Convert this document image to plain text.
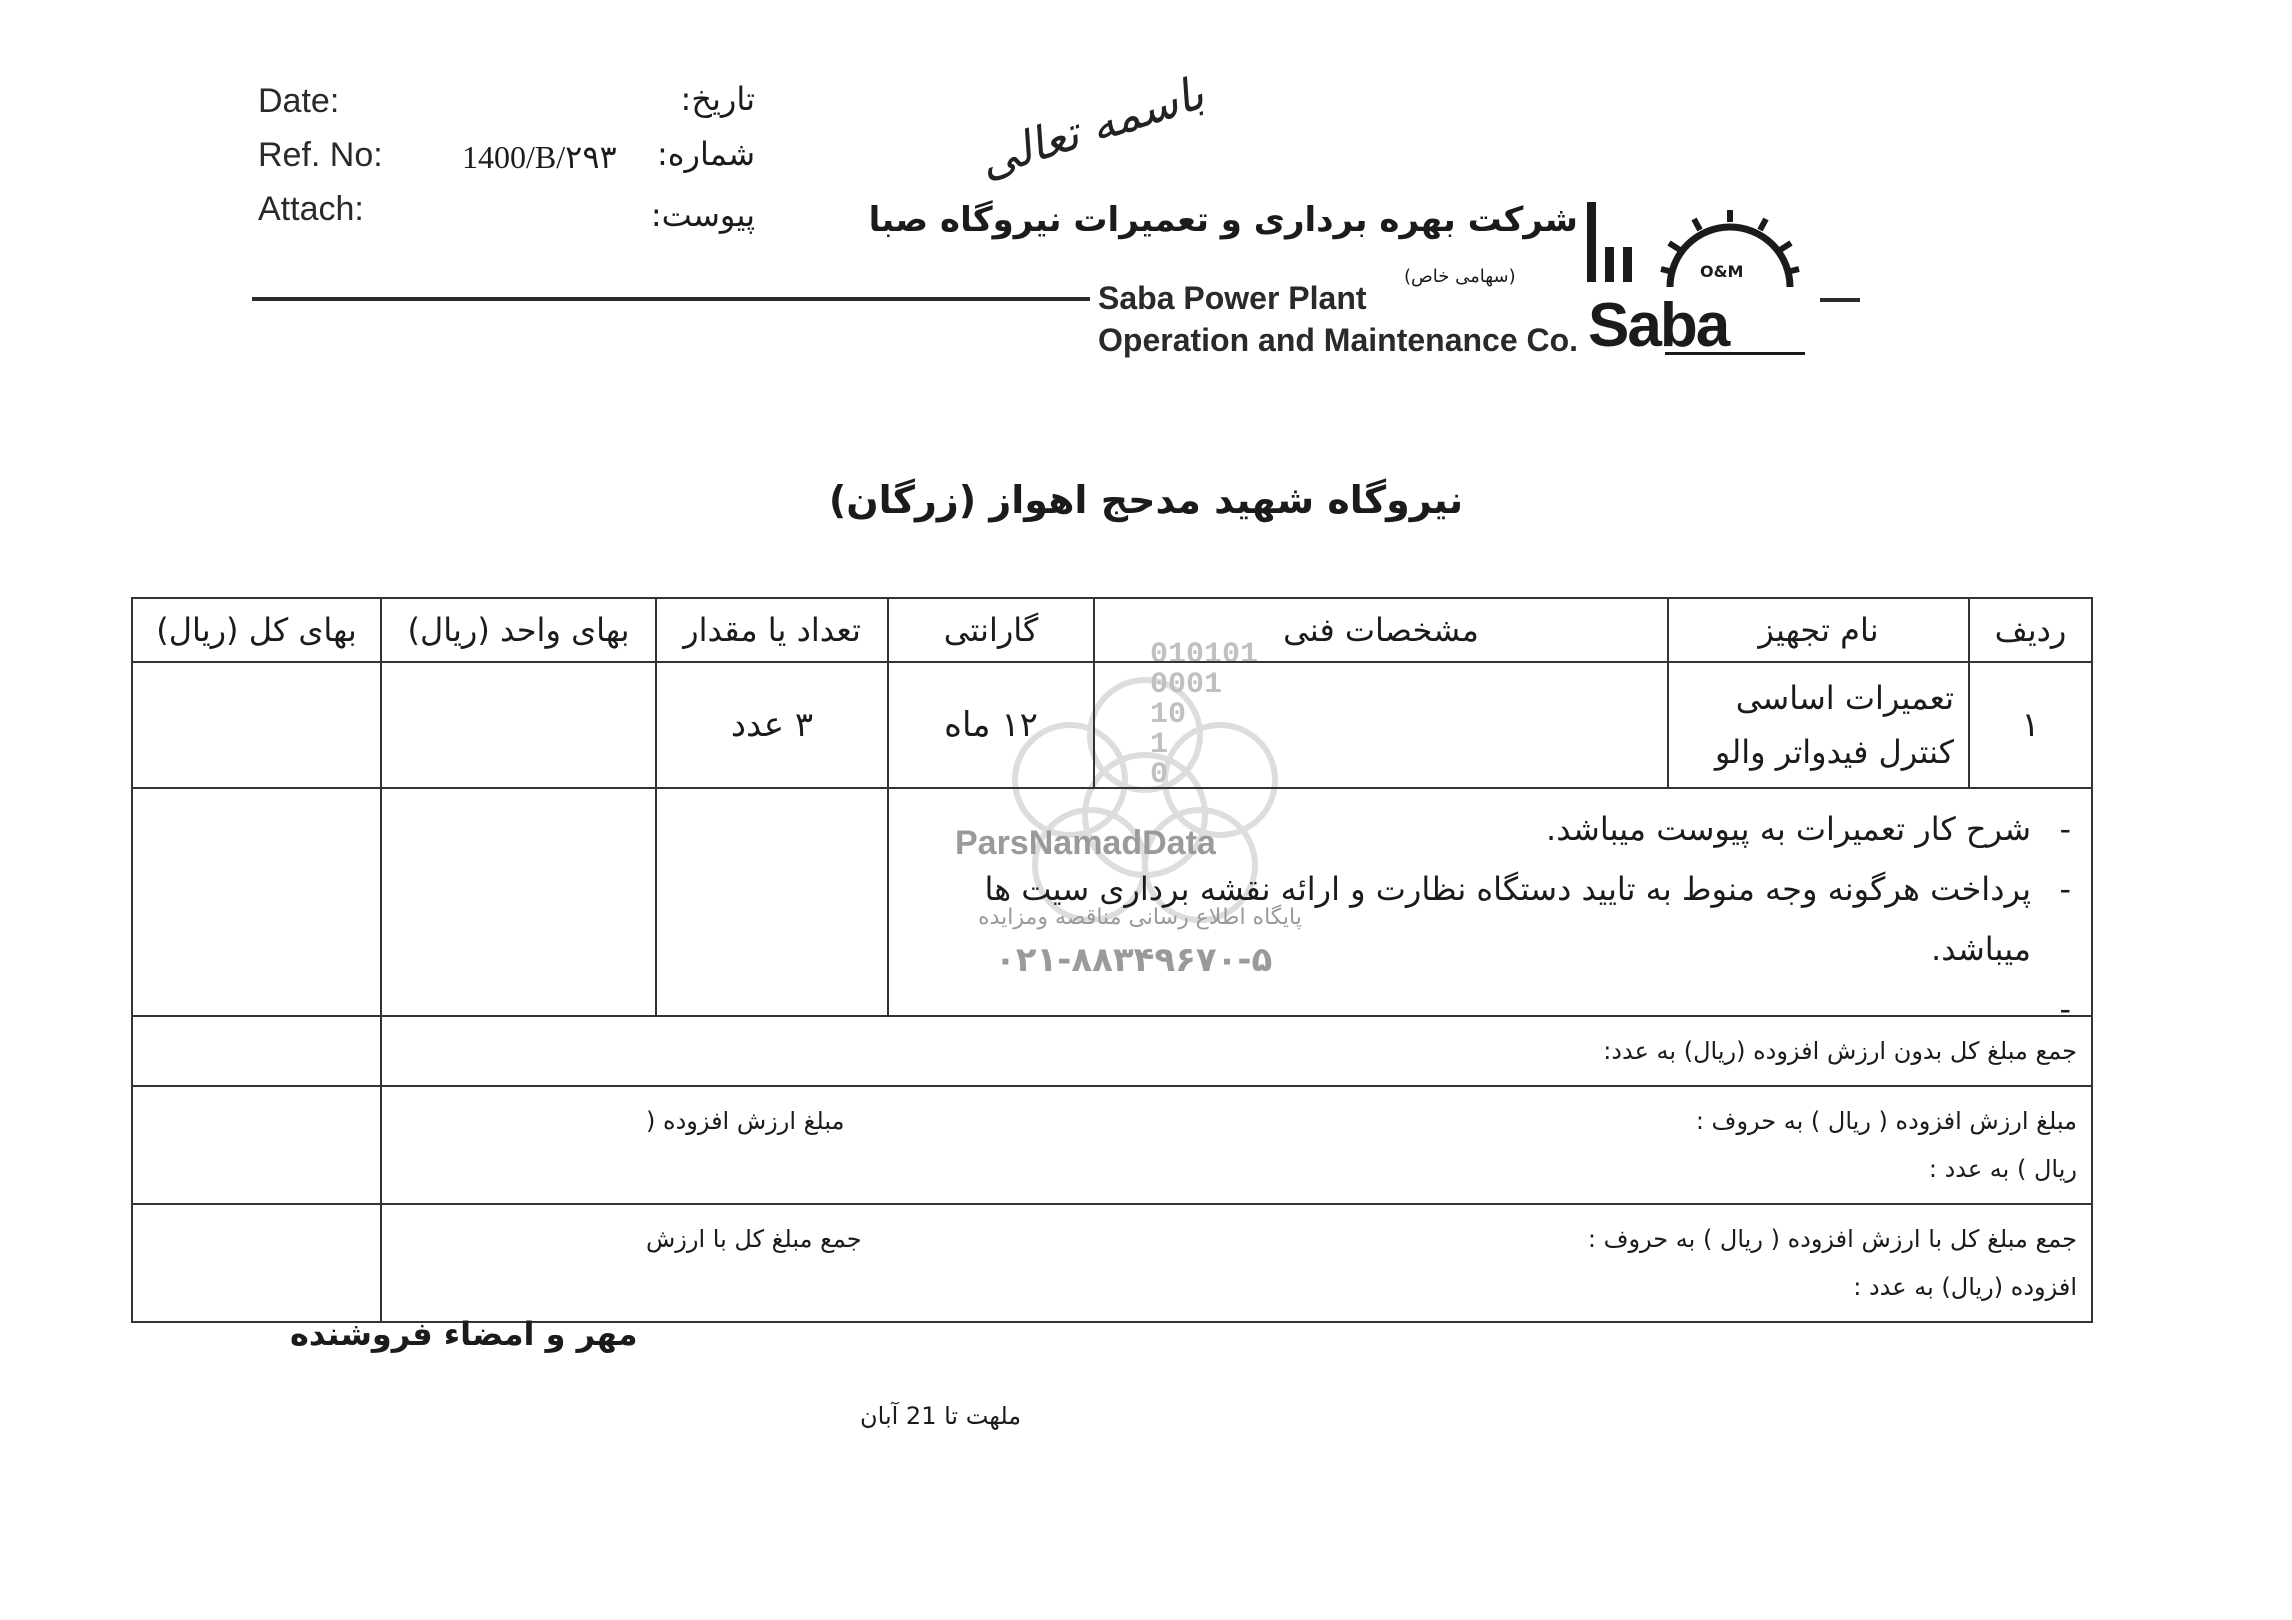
Date:
Ref. No:
Attach:
1400/B/۲۹۳
تاریخ:
شماره:
پیوست:
باسمه تعالی
شرکت بهره برداری و تعمیرات نیروگاه صبا
(سهامی خاص)
Saba Power Plant
Operation and Maintenance Co.
O&M
Saba
نیروگاه شهید مدحج اهواز (زرگان)
010101
0001
10
1
0
ردیف	نام تجهیز	مشخصات فنی	گارانتی	تعداد یا مقدار	بهای واحد (ریال)	بهای کل (ریال)
۱	تعمیرات اساسی
کنترل فیدواتر والو		۱۲ ماه	۳ عدد		

- شرح کار تعمیرات به پیوست میباشد.
- پرداخت هرگونه وجه منوط به تایید دستگاه نظارت و ارائه نقشه برداری سیت ها میباشد.

جمع مبلغ کل بدون ارزش افزوده (ریال) به عدد:						

مبلغ ارزش افزوده ( ریال ) به حروف :
مبلغ ارزش افزوده (
ریال ) به عدد :						

جمع مبلغ کل با ارزش افزوده ( ریال ) به حروف :
جمع مبلغ کل با ارزش
افزوده (ریال) به عدد :						

ParsNamadData
پایگاه اطلاع رسانی مناقصه ومزایده
۰۲۱-۸۸۳۴۹۶۷۰-۵
مهر و امضاء فروشنده
ملهت تا 21 آبان
